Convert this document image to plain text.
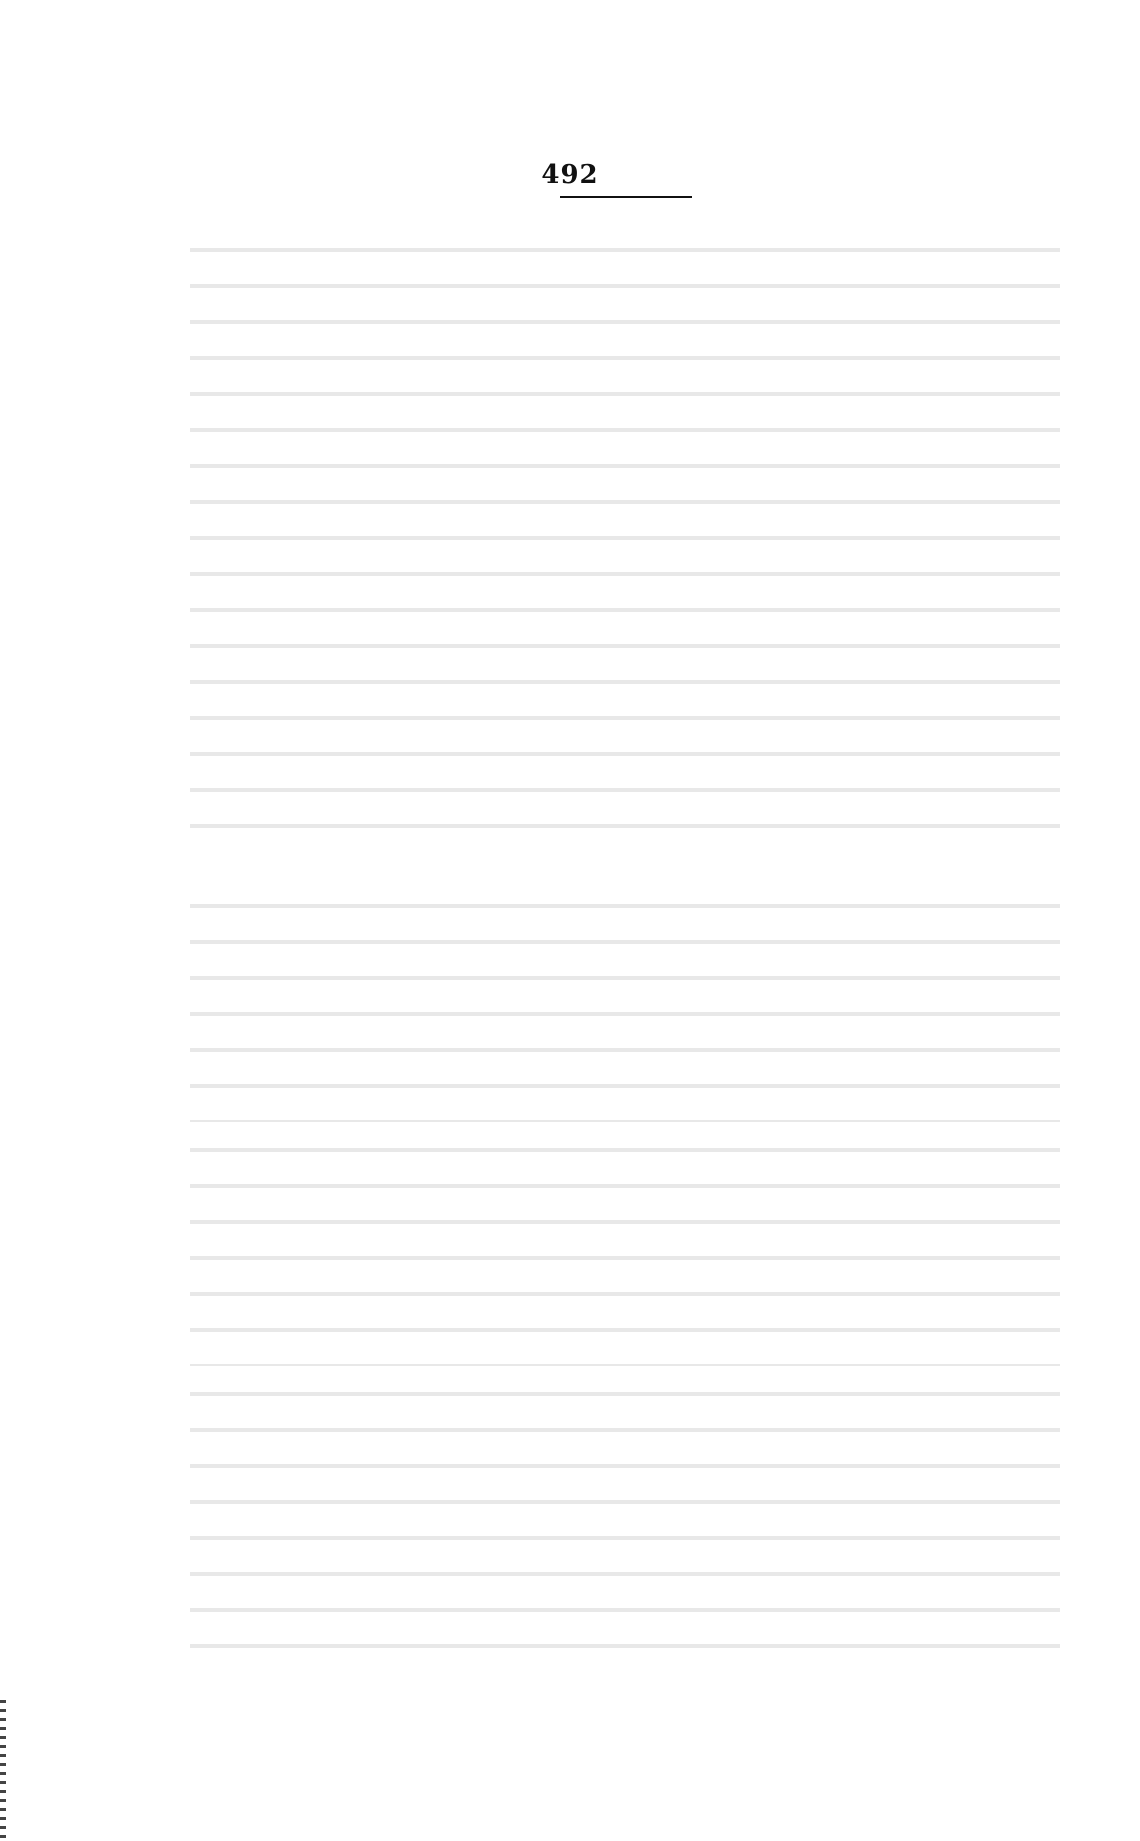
492
